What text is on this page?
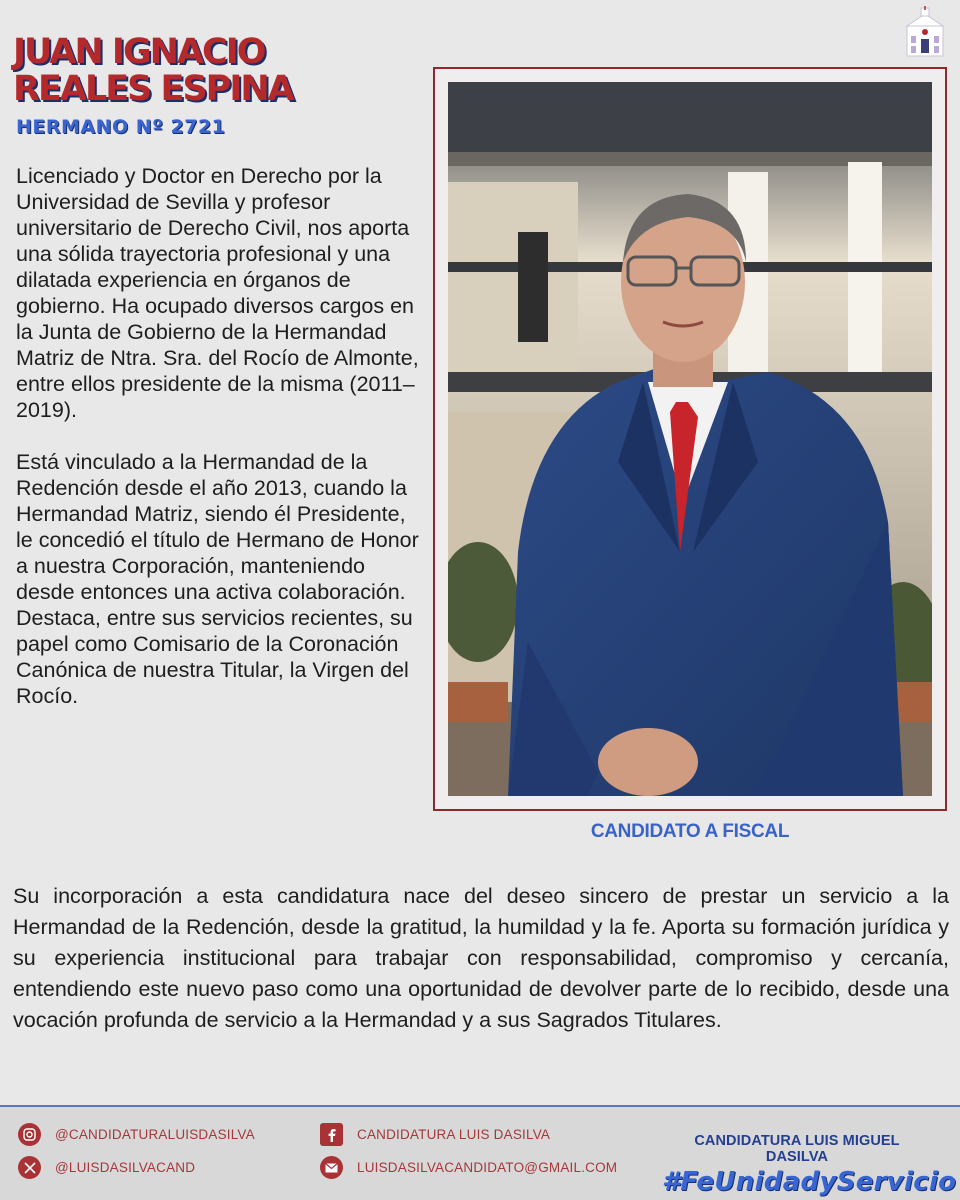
JUAN IGNACIO
REALES ESPINA
HERMANO Nº 2721

Licenciado y Doctor en Derecho por la Universidad de Sevilla y profesor universitario de Derecho Civil, nos aporta una sólida trayectoria profesional y una dilatada experiencia en órganos de gobierno. Ha ocupado diversos cargos en la Junta de Gobierno de la Hermandad Matriz de Ntra. Sra. del Rocío de Almonte, entre ellos presidente de la misma (2011–2019).

Está vinculado a la Hermandad de la Redención desde el año 2013, cuando la Hermandad Matriz, siendo él Presidente, le concedió el título de Hermano de Honor a nuestra Corporación, manteniendo desde entonces una activa colaboración. Destaca, entre sus servicios recientes, su papel como Comisario de la Coronación Canónica de nuestra Titular, la Virgen del Rocío.

CANDIDATO A FISCAL
Su incorporación a esta candidatura nace del deseo sincero de prestar un servicio a la Hermandad de la Redención, desde la gratitud, la humildad y la fe. Aporta su formación jurídica y su experiencia institucional para trabajar con responsabilidad, compromiso y cercanía, entendiendo este nuevo paso como una oportunidad de devolver parte de lo recibido, desde una vocación profunda de servicio a la Hermandad y a sus Sagrados Titulares.
@CANDIDATURALUISDASILVA
@LUISDASILVACAND
CANDIDATURA LUIS DASILVA
LUISDASILVACANDIDATO@GMAIL.COM
CANDIDATURA LUIS MIGUEL DASILVA
#FeUnidadyServicio
